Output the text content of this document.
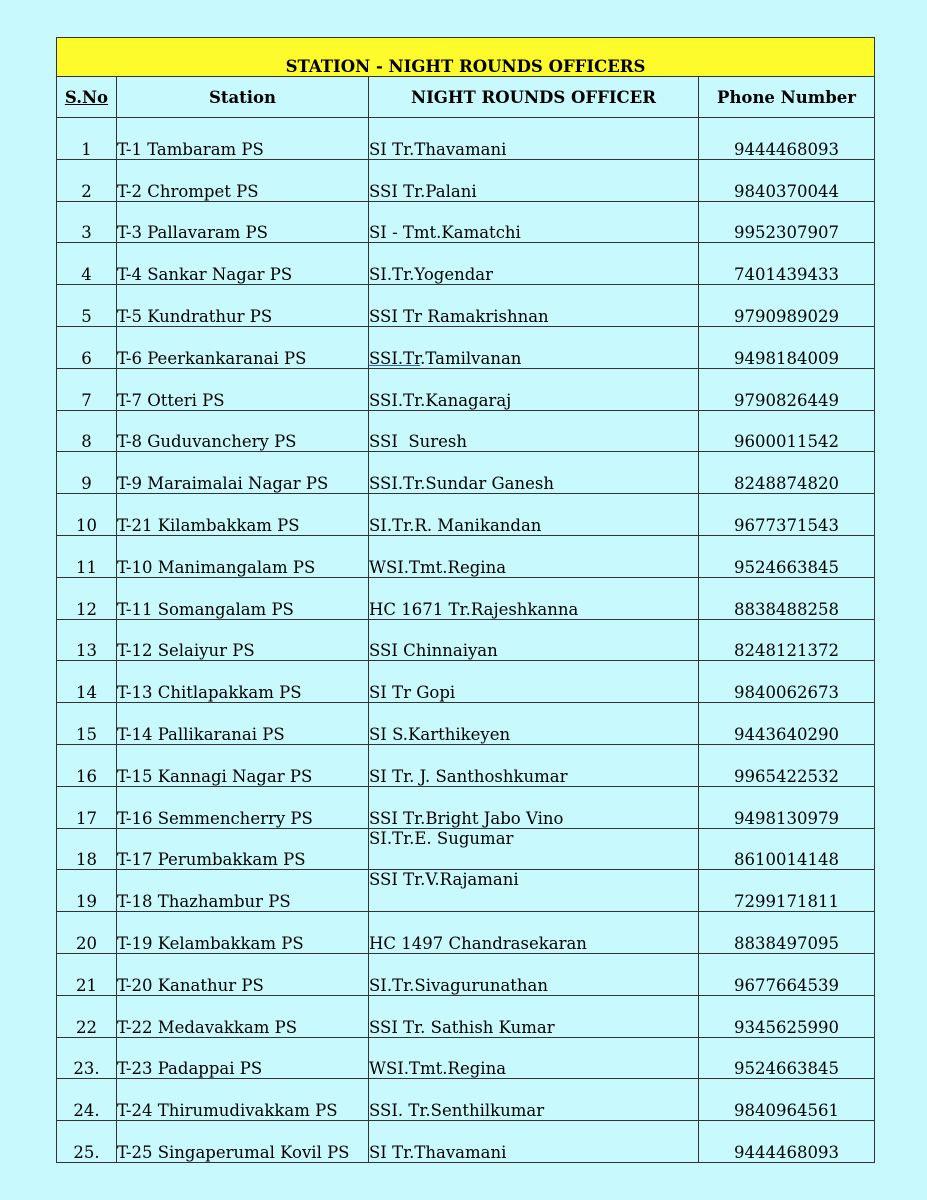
STATION - NIGHT ROUNDS OFFICERS			
S.No	Station	NIGHT ROUNDS OFFICER	Phone Number
1	T-1 Tambaram PS	SI Tr.Thavamani	9444468093
2	T-2 Chrompet PS	SSI Tr.Palani	9840370044
3	T-3 Pallavaram PS	SI - Tmt.Kamatchi	9952307907
4	T-4 Sankar Nagar PS	SI.Tr.Yogendar	7401439433
5	T-5 Kundrathur PS	SSI Tr Ramakrishnan	9790989029
6	T-6 Peerkankaranai PS	SSI.Tr.Tamilvanan	9498184009
7	T-7 Otteri PS	SSI.Tr.Kanagaraj	9790826449
8	T-8 Guduvanchery PS	SSI  Suresh	9600011542
9	T-9 Maraimalai Nagar PS	SSI.Tr.Sundar Ganesh	8248874820
10	T-21 Kilambakkam PS	SI.Tr.R. Manikandan	9677371543
11	T-10 Manimangalam PS	WSI.Tmt.Regina	9524663845
12	T-11 Somangalam PS	HC 1671 Tr.Rajeshkanna	8838488258
13	T-12 Selaiyur PS	SSI Chinnaiyan	8248121372
14	T-13 Chitlapakkam PS	SI Tr Gopi	9840062673
15	T-14 Pallikaranai PS	SI S.Karthikeyen	9443640290
16	T-15 Kannagi Nagar PS	SI Tr. J. Santhoshkumar	9965422532
17	T-16 Semmencherry PS	SSI Tr.Bright Jabo Vino	9498130979
18	T-17 Perumbakkam PS	SI.Tr.E. Sugumar	8610014148
19	T-18 Thazhambur PS	SSI Tr.V.Rajamani	7299171811
20	T-19 Kelambakkam PS	HC 1497 Chandrasekaran	8838497095
21	T-20 Kanathur PS	SI.Tr.Sivagurunathan	9677664539
22	T-22 Medavakkam PS	SSI Tr. Sathish Kumar	9345625990
23.	T-23 Padappai PS	WSI.Tmt.Regina	9524663845
24.	T-24 Thirumudivakkam PS	SSI. Tr.Senthilkumar	9840964561
25.	T-25 Singaperumal Kovil PS	SI Tr.Thavamani	9444468093
